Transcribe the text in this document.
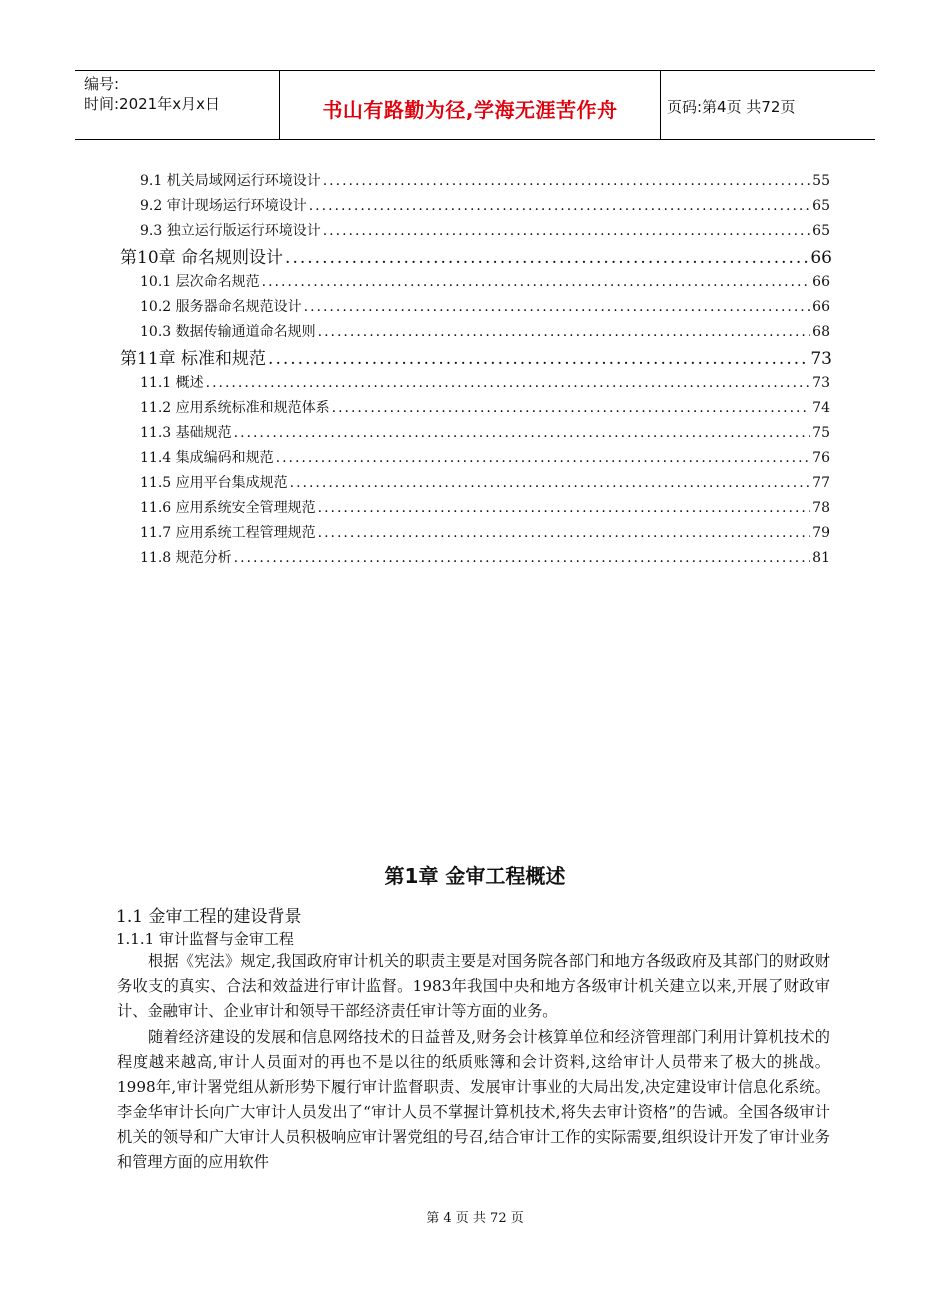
编号:
时间:2021年x月x日	书山有路勤为径,学海无涯苦作舟	页码:第4页 共72页
9.1 机关局域网运行环境设计 .....	55
9.2 审计现场运行环境设计 .....	65
9.3 独立运行版运行环境设计 .....	65
第10章 命名规则设计 .....	66
10.1 层次命名规范 .....	66
10.2 服务器命名规范设计 .....	66
10.3 数据传输通道命名规则 .....	68
第11章 标准和规范 .....	73
11.1 概述 .....	73
11.2 应用系统标准和规范体系 .....	74
11.3 基础规范 .....	75
11.4 集成编码和规范 .....	76
11.5 应用平台集成规范 .....	77
11.6 应用系统安全管理规范 .....	78
11.7 应用系统工程管理规范 .....	79
11.8 规范分析 .....	81
第1章 金审工程概述
1.1 金审工程的建设背景
1.1.1 审计监督与金审工程
根据《宪法》规定,我国政府审计机关的职责主要是对国务院各部门和地方各级政府及其部门的财政财务收支的真实、合法和效益进行审计监督。1983年我国中央和地方各级审计机关建立以来,开展了财政审计、金融审计、企业审计和领导干部经济责任审计等方面的业务。
随着经济建设的发展和信息网络技术的日益普及,财务会计核算单位和经济管理部门利用计算机技术的程度越来越高,审计人员面对的再也不是以往的纸质账簿和会计资料,这给审计人员带来了极大的挑战。1998年,审计署党组从新形势下履行审计监督职责、发展审计事业的大局出发,决定建设审计信息化系统。李金华审计长向广大审计人员发出了“审计人员不掌握计算机技术,将失去审计资格”的告诫。全国各级审计机关的领导和广大审计人员积极响应审计署党组的号召,结合审计工作的实际需要,组织设计开发了审计业务和管理方面的应用软件
第 4 页 共 72 页
